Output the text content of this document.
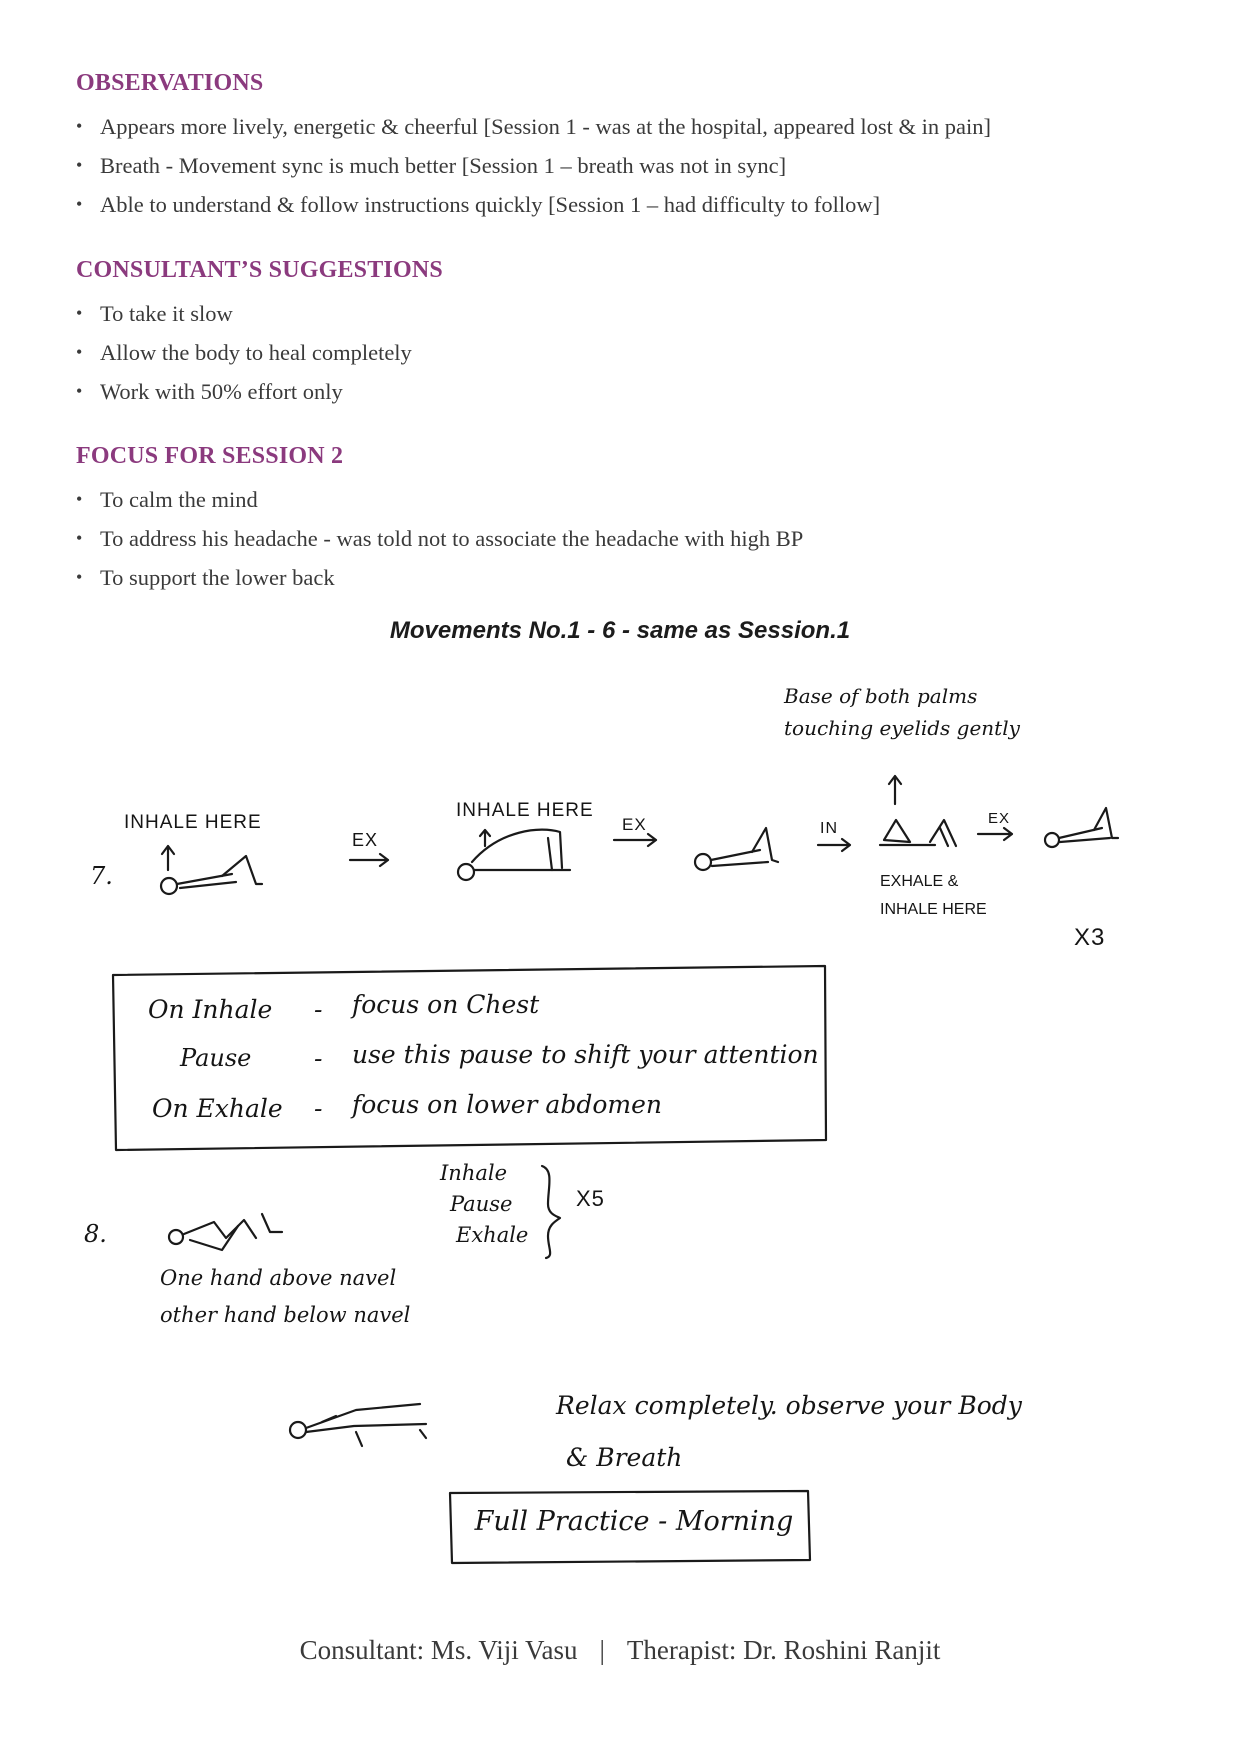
OBSERVATIONS
• Appears more lively, energetic & cheerful [Session 1 - was at the hospital, appeared lost & in pain]
• Breath - Movement sync is much better [Session 1 – breath was not in sync]
• Able to understand & follow instructions quickly [Session 1 – had difficulty to follow]
CONSULTANT’S SUGGESTIONS
• To take it slow
• Allow the body to heal completely
• Work with 50% effort only
FOCUS FOR SESSION 2
• To calm the mind
• To address his headache - was told not to associate the headache with high BP
• To support the lower back
Movements No.1 - 6 - same as Session.1
7.
INHALE HERE
EX
INHALE HERE
EX	IN
EX
Base of both palms
touching eyelids gently
EXHALE &
INHALE HERE
X3
On Inhale - focus on Chest
Pause	- use this pause to shift your attention
On Exhale - focus on lower abdomen
8.
One hand above navel
other hand below navel
Inhale
Pause
Exhale
X5
Relax completely. observe your Body
& Breath
Full Practice - Morning
Consultant: Ms. Viji Vasu | Therapist: Dr. Roshini Ranjit
